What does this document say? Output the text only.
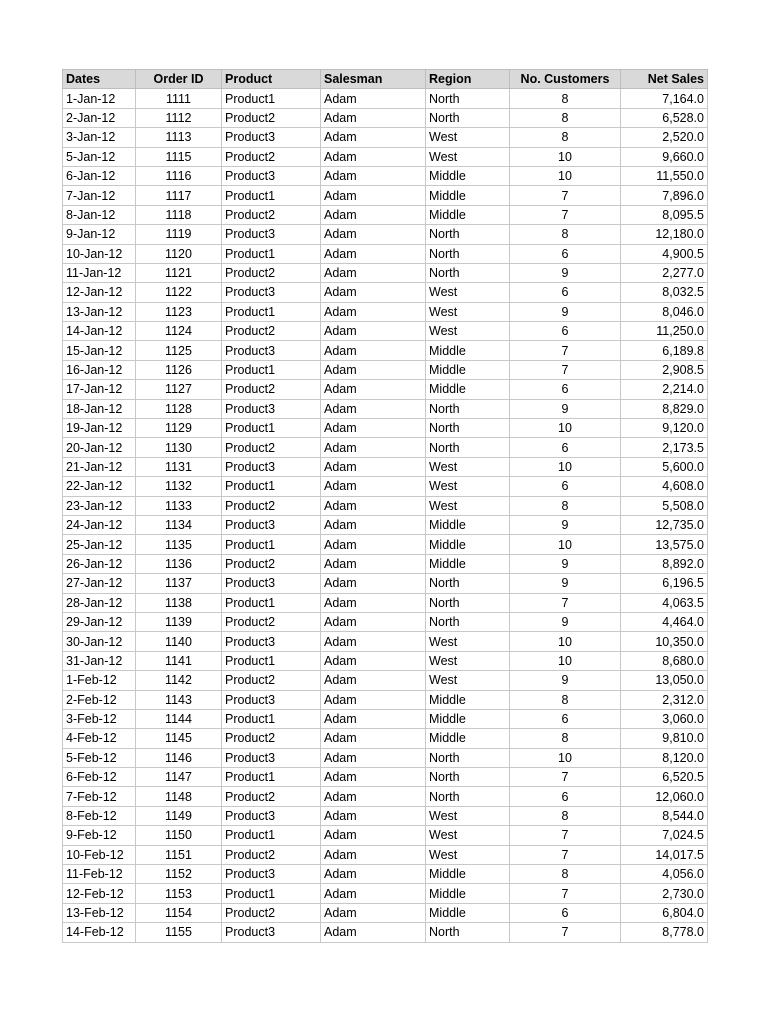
Dates	Order ID	Product	Salesman	Region	No. Customers	Net Sales
1-Jan-12	1111	Product1	Adam	North	8	7,164.0
2-Jan-12	1112	Product2	Adam	North	8	6,528.0
3-Jan-12	1113	Product3	Adam	West	8	2,520.0
5-Jan-12	1115	Product2	Adam	West	10	9,660.0
6-Jan-12	1116	Product3	Adam	Middle	10	11,550.0
7-Jan-12	1117	Product1	Adam	Middle	7	7,896.0
8-Jan-12	1118	Product2	Adam	Middle	7	8,095.5
9-Jan-12	1119	Product3	Adam	North	8	12,180.0
10-Jan-12	1120	Product1	Adam	North	6	4,900.5
11-Jan-12	1121	Product2	Adam	North	9	2,277.0
12-Jan-12	1122	Product3	Adam	West	6	8,032.5
13-Jan-12	1123	Product1	Adam	West	9	8,046.0
14-Jan-12	1124	Product2	Adam	West	6	11,250.0
15-Jan-12	1125	Product3	Adam	Middle	7	6,189.8
16-Jan-12	1126	Product1	Adam	Middle	7	2,908.5
17-Jan-12	1127	Product2	Adam	Middle	6	2,214.0
18-Jan-12	1128	Product3	Adam	North	9	8,829.0
19-Jan-12	1129	Product1	Adam	North	10	9,120.0
20-Jan-12	1130	Product2	Adam	North	6	2,173.5
21-Jan-12	1131	Product3	Adam	West	10	5,600.0
22-Jan-12	1132	Product1	Adam	West	6	4,608.0
23-Jan-12	1133	Product2	Adam	West	8	5,508.0
24-Jan-12	1134	Product3	Adam	Middle	9	12,735.0
25-Jan-12	1135	Product1	Adam	Middle	10	13,575.0
26-Jan-12	1136	Product2	Adam	Middle	9	8,892.0
27-Jan-12	1137	Product3	Adam	North	9	6,196.5
28-Jan-12	1138	Product1	Adam	North	7	4,063.5
29-Jan-12	1139	Product2	Adam	North	9	4,464.0
30-Jan-12	1140	Product3	Adam	West	10	10,350.0
31-Jan-12	1141	Product1	Adam	West	10	8,680.0
1-Feb-12	1142	Product2	Adam	West	9	13,050.0
2-Feb-12	1143	Product3	Adam	Middle	8	2,312.0
3-Feb-12	1144	Product1	Adam	Middle	6	3,060.0
4-Feb-12	1145	Product2	Adam	Middle	8	9,810.0
5-Feb-12	1146	Product3	Adam	North	10	8,120.0
6-Feb-12	1147	Product1	Adam	North	7	6,520.5
7-Feb-12	1148	Product2	Adam	North	6	12,060.0
8-Feb-12	1149	Product3	Adam	West	8	8,544.0
9-Feb-12	1150	Product1	Adam	West	7	7,024.5
10-Feb-12	1151	Product2	Adam	West	7	14,017.5
11-Feb-12	1152	Product3	Adam	Middle	8	4,056.0
12-Feb-12	1153	Product1	Adam	Middle	7	2,730.0
13-Feb-12	1154	Product2	Adam	Middle	6	6,804.0
14-Feb-12	1155	Product3	Adam	North	7	8,778.0
